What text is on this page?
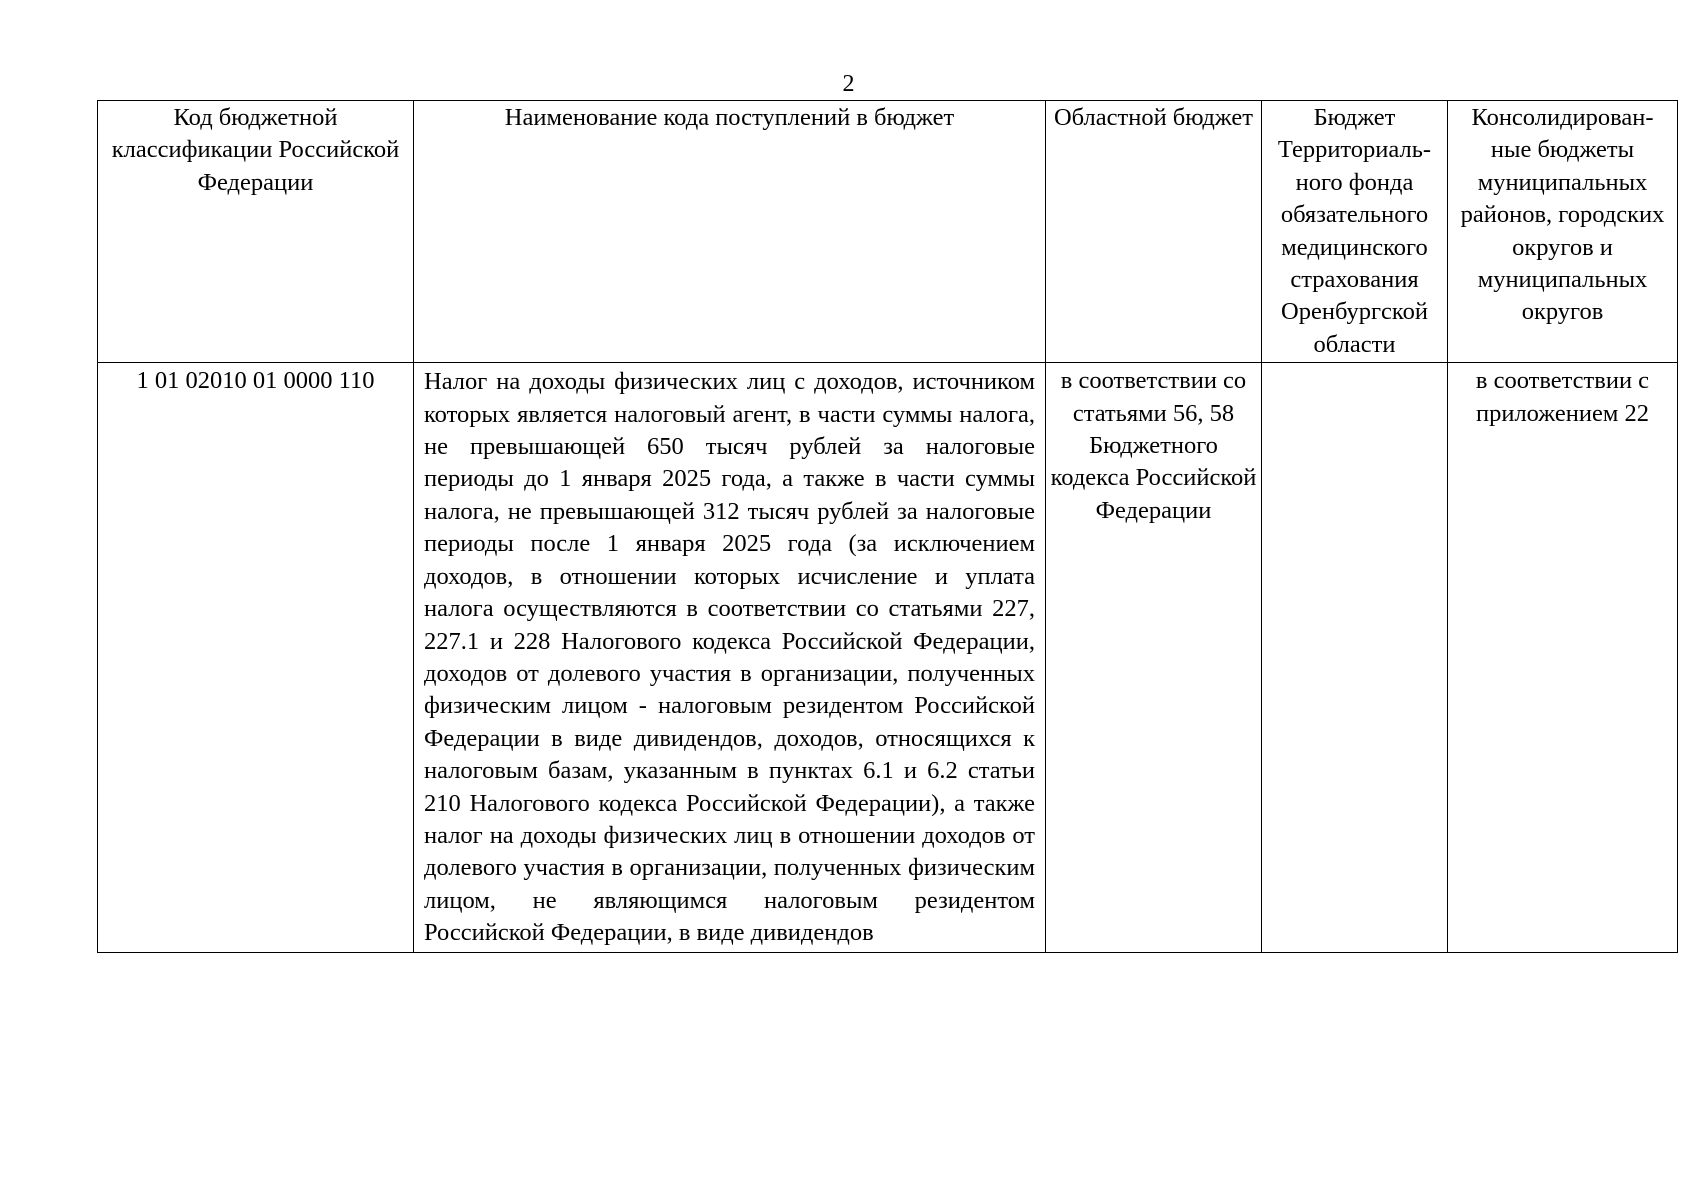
2
Код бюджетной классификации Российской Федерации	Наименование кода поступлений в бюджет	Областной бюджет	Бюджет Территориаль-ного фонда обязательного медицинского страхования Оренбургской области	Консолидирован-ные бюджеты муниципальных районов, городских округов и муниципальных округов

1 01 02010 01 0000 110	Налог на доходы физических лиц с доходов, источником которых является налоговый агент, в части суммы налога, не превышающей 650 тысяч рублей за налоговые периоды до 1 января 2025 года, а также в части суммы налога, не превышающей 312 тысяч рублей за налоговые периоды после 1 января 2025 года (за исключением доходов, в отношении которых исчисление и уплата налога осуществляются в соответствии со статьями 227, 227.1 и 228 Налогового кодекса Российской Федерации, доходов от долевого участия в организации, полученных физическим лицом - налоговым резидентом Российской Федерации в виде дивидендов, доходов, относящихся к налоговым базам, указанным в пунктах 6.1 и 6.2 статьи 210 Налогового кодекса Российской Федерации), а также налог на доходы физических лиц в отношении доходов от долевого участия в организации, полученных физическим лицом, не являющимся налоговым резидентом Российской Федерации, в виде дивидендов	в соответствии со статьями 56, 58 Бюджетного кодекса Российской Федерации		в соответствии с приложением 22
